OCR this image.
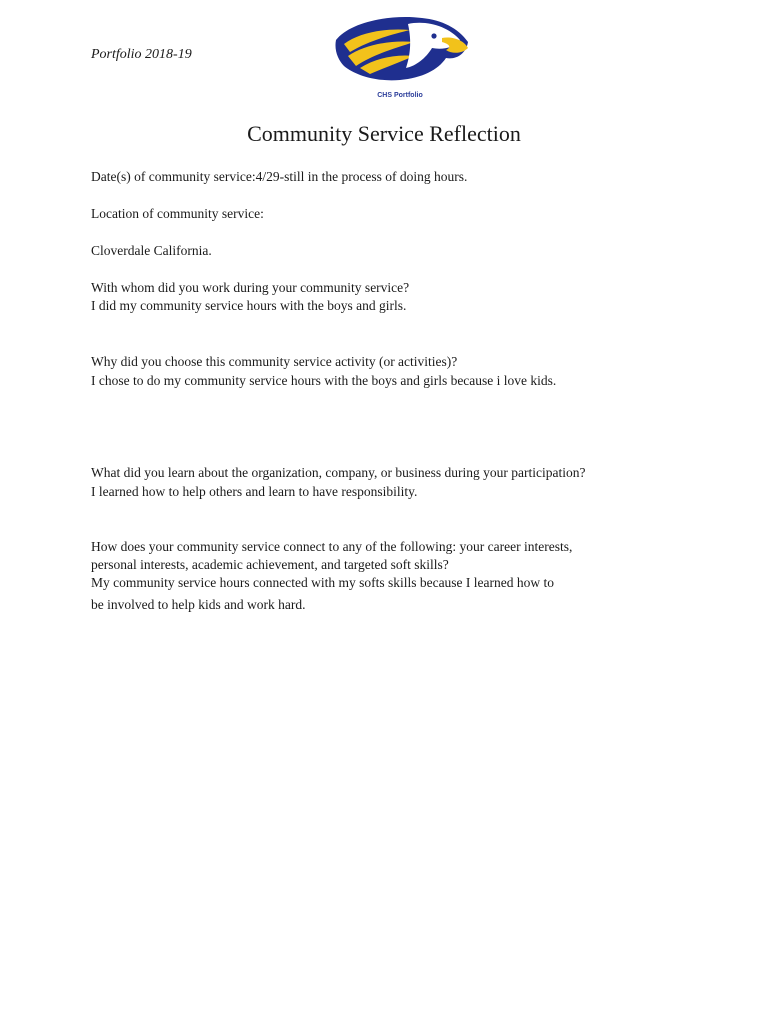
Portfolio 2018-19
CHS Portfolio
Community Service Reflection
Date(s) of community service:4/29-still in the process of doing hours.
Location of community service:
Cloverdale California.
With whom did you work during your community service?
I did my community service hours with the boys and girls.
Why did you choose this community service activity (or activities)?
I chose to do my community service hours with the boys and girls because i love kids.
What did you learn about the organization, company, or business during your participation?
I learned how to help others and learn to have responsibility.
How does your community service connect to any of the following: your career interests,
personal interests, academic achievement, and targeted soft skills?
My community service hours connected with my softs skills because I learned how to
be involved to help kids and work hard.
